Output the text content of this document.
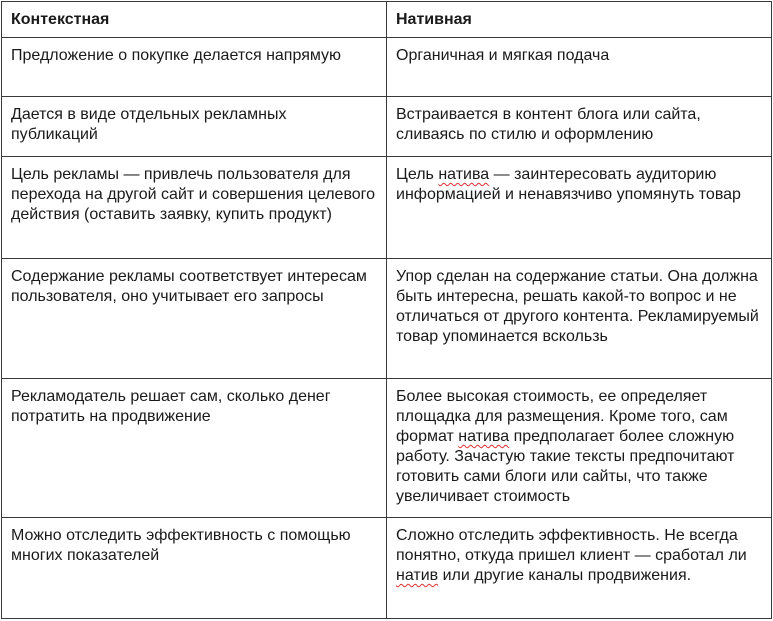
Контекстная	Нативная
Предложение о покупке делается напрямую	Органичная и мягкая подача
Дается в виде отдельных рекламных публикаций	Встраивается в контент блога или сайта, сливаясь по стилю и оформлению
Цель рекламы — привлечь пользователя для перехода на другой сайт и совершения целевого действия (оставить заявку, купить продукт)	Цель натива — заинтересовать аудиторию информацией и ненавязчиво упомянуть товар
Содержание рекламы соответствует интересам пользователя, оно учитывает его запросы	Упор сделан на содержание статьи. Она должна быть интересна, решать какой-то вопрос и не отличаться от другого контента. Рекламируемый товар упоминается вскользь
Рекламодатель решает сам, сколько денег потратить на продвижение	Более высокая стоимость, ее определяет площадка для размещения. Кроме того, сам формат натива предполагает более сложную работу. Зачастую такие тексты предпочитают готовить сами блоги или сайты, что также увеличивает стоимость
Можно отследить эффективность с помощью многих показателей	Сложно отследить эффективность. Не всегда понятно, откуда пришел клиент — сработал ли натив или другие каналы продвижения.
